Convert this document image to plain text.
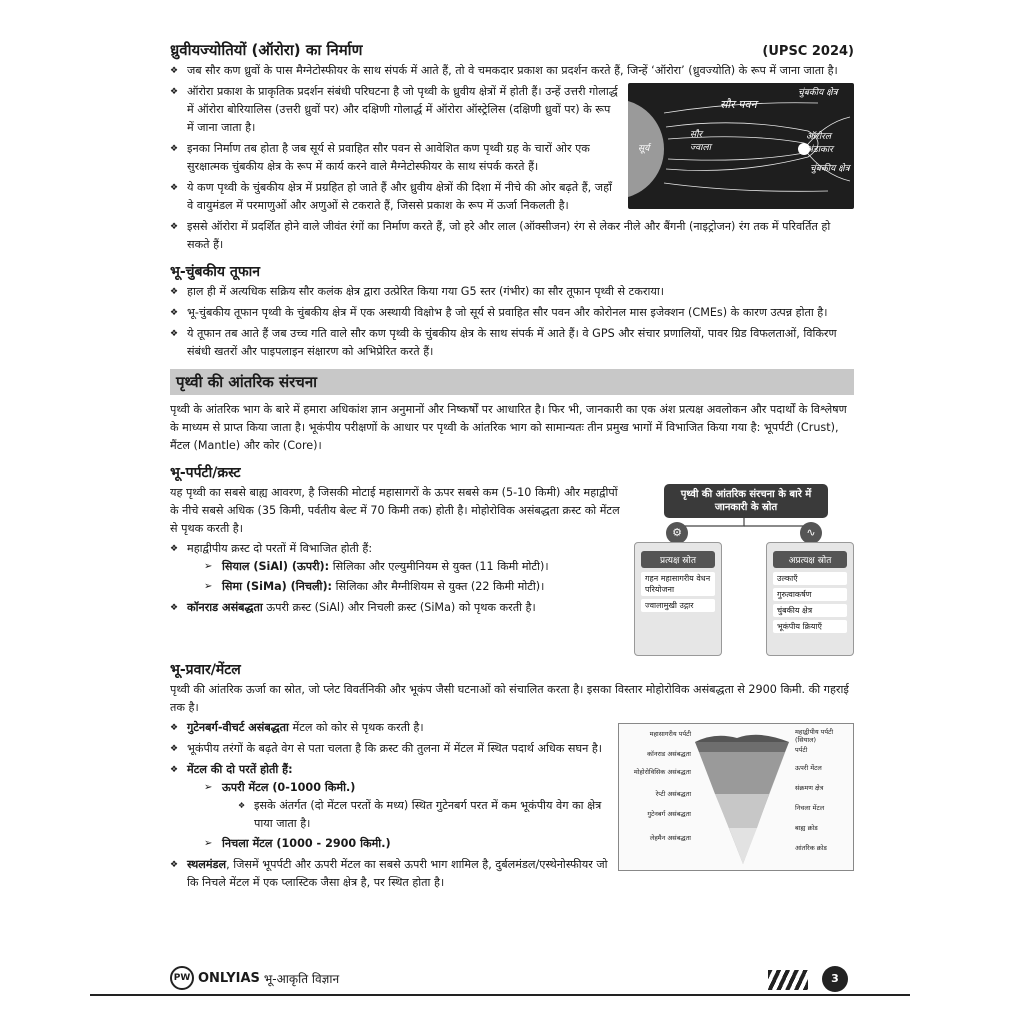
ध्रुवीयज्योतियों (ऑरोरा) का निर्माण	(UPSC 2024)
❖ जब सौर कण ध्रुवों के पास मैग्नेटोस्फीयर के साथ संपर्क में आते हैं, तो वे चमकदार प्रकाश का प्रदर्शन करते हैं, जिन्हें ‘ऑरोरा’ (ध्रुवज्योति) के रूप में जाना जाता है।
सूर्य
सौर पवन
चुंबकीय क्षेत्र
सौर ज्वाला
ऑरोरल अंडाकार
चुंबकीय क्षेत्र
❖ ऑरोरा प्रकाश के प्राकृतिक प्रदर्शन संबंधी परिघटना है जो पृथ्वी के ध्रुवीय क्षेत्रों में होती हैं। उन्हें उत्तरी गोलार्द्ध में ऑरोरा बोरियालिस (उत्तरी ध्रुवों पर) और दक्षिणी गोलार्द्ध में ऑरोरा ऑस्ट्रेलिस (दक्षिणी ध्रुवों पर) के रूप में जाना जाता है।
❖ इनका निर्माण तब होता है जब सूर्य से प्रवाहित सौर पवन से आवेशित कण पृथ्वी ग्रह के चारों ओर एक सुरक्षात्मक चुंबकीय क्षेत्र के रूप में कार्य करने वाले मैग्नेटोस्फीयर के साथ संपर्क करते हैं।
❖ ये कण पृथ्वी के चुंबकीय क्षेत्र में प्रग्रहित हो जाते हैं और ध्रुवीय क्षेत्रों की दिशा में नीचे की ओर बढ़ते हैं, जहाँ वे वायुमंडल में परमाणुओं और अणुओं से टकराते हैं, जिससे प्रकाश के रूप में ऊर्जा निकलती है।
❖ इससे ऑरोरा में प्रदर्शित होने वाले जीवंत रंगों का निर्माण करते हैं, जो हरे और लाल (ऑक्सीजन) रंग से लेकर नीले और बैंगनी (नाइट्रोजन) रंग तक में परिवर्तित हो सकते हैं।
भू-चुंबकीय तूफान
❖ हाल ही में अत्यधिक सक्रिय सौर कलंक क्षेत्र द्वारा उत्प्रेरित किया गया G5 स्तर (गंभीर) का सौर तूफान पृथ्वी से टकराया।
❖ भू-चुंबकीय तूफान पृथ्वी के चुंबकीय क्षेत्र में एक अस्थायी विक्षोभ है जो सूर्य से प्रवाहित सौर पवन और कोरोनल मास इजेक्शन (CMEs) के कारण उत्पन्न होता है।
❖ ये तूफान तब आते हैं जब उच्च गति वाले सौर कण पृथ्वी के चुंबकीय क्षेत्र के साथ संपर्क में आते हैं। वे GPS और संचार प्रणालियों, पावर ग्रिड विफलताओं, विकिरण संबंधी खतरों और पाइपलाइन संक्षारण को अभिप्रेरित करते हैं।
पृथ्वी की आंतरिक संरचना

पृथ्वी के आंतरिक भाग के बारे में हमारा अधिकांश ज्ञान अनुमानों और निष्कर्षों पर आधारित है। फिर भी, जानकारी का एक अंश प्रत्यक्ष अवलोकन और पदार्थों के विश्लेषण के माध्यम से प्राप्त किया जाता है। भूकंपीय परीक्षणों के आधार पर पृथ्वी के आंतरिक भाग को सामान्यतः तीन प्रमुख भागों में विभाजित किया गया है: भूपर्पटी (Crust), मैंटल (Mantle) और कोर (Core)।

भू-पर्पटी/क्रस्ट
पृथ्वी की आंतरिक संरचना के बारे में जानकारी के स्रोत
⚙	∿
प्रत्यक्ष स्रोत
गहन महासागरीय वेधन परियोजना
ज्वालामुखी उद्गार
अप्रत्यक्ष स्रोत
उल्काएँ
गुरुत्वाकर्षण
चुंबकीय क्षेत्र
भूकंपीय क्रियाएँ

यह पृथ्वी का सबसे बाह्य आवरण, है जिसकी मोटाई महासागरों के ऊपर सबसे कम (5-10 किमी) और महाद्वीपों के नीचे सबसे अधिक (35 किमी, पर्वतीय बेल्ट में 70 किमी तक) होती है। मोहोरोविक असंबद्धता क्रस्ट को मेंटल से पृथक करती है।

❖ महाद्वीपीय क्रस्ट दो परतों में विभाजित होती हैं:
➢ सियाल (SiAl) (ऊपरी): सिलिका और एल्युमीनियम से युक्त (11 किमी मोटी)।
➢ सिमा (SiMa) (निचली): सिलिका और मैग्नीशियम से युक्त (22 किमी मोटी)।
❖ कॉनराड असंबद्धता ऊपरी क्रस्ट (SiAl) और निचली क्रस्ट (SiMa) को पृथक करती है।
भू-प्रवार/मेंटल

पृथ्वी की आंतरिक ऊर्जा का स्रोत, जो प्लेट विवर्तनिकी और भूकंप जैसी घटनाओं को संचालित करता है। इसका विस्तार मोहोरोविक असंबद्धता से 2900 किमी. की गहराई तक है।

महासागरीय पर्पटी
कॉनराड असंबद्धता
मोहोरोविसिक असंबद्धता
रेप्टी असंबद्धता
गुटेनबर्ग असंबद्धता
लेहमैन असंबद्धता
महाद्वीपीय पर्पटी (सियाल)
पर्पटी
ऊपरी मेंटल
संक्रमण क्षेत्र
निचला मेंटल
बाह्य क्रोड
आंतरिक क्रोड
❖ गुटेनबर्ग-वीचर्ट असंबद्धता मेंटल को कोर से पृथक करती है।
❖ भूकंपीय तरंगों के बढ़ते वेग से पता चलता है कि क्रस्ट की तुलना में मेंटल में स्थित पदार्थ अधिक सघन है।
❖ मेंटल की दो परतें होती हैं:
➢ ऊपरी मेंटल (0-1000 किमी.)
❖ इसके अंतर्गत (दो मेंटल परतों के मध्य) स्थित गुटेनबर्ग परत में कम भूकंपीय वेग का क्षेत्र पाया जाता है।
➢ निचला मेंटल (1000 - 2900 किमी.)
❖ स्थलमंडल, जिसमें भूपर्पटी और ऊपरी मेंटल का सबसे ऊपरी भाग शामिल है, दुर्बलमंडल/एस्थेनोस्फीयर जो कि निचले मेंटल में एक प्लास्टिक जैसा क्षेत्र है, पर स्थित होता है।
PW ONLYIAS भू-आकृति विज्ञान	3
